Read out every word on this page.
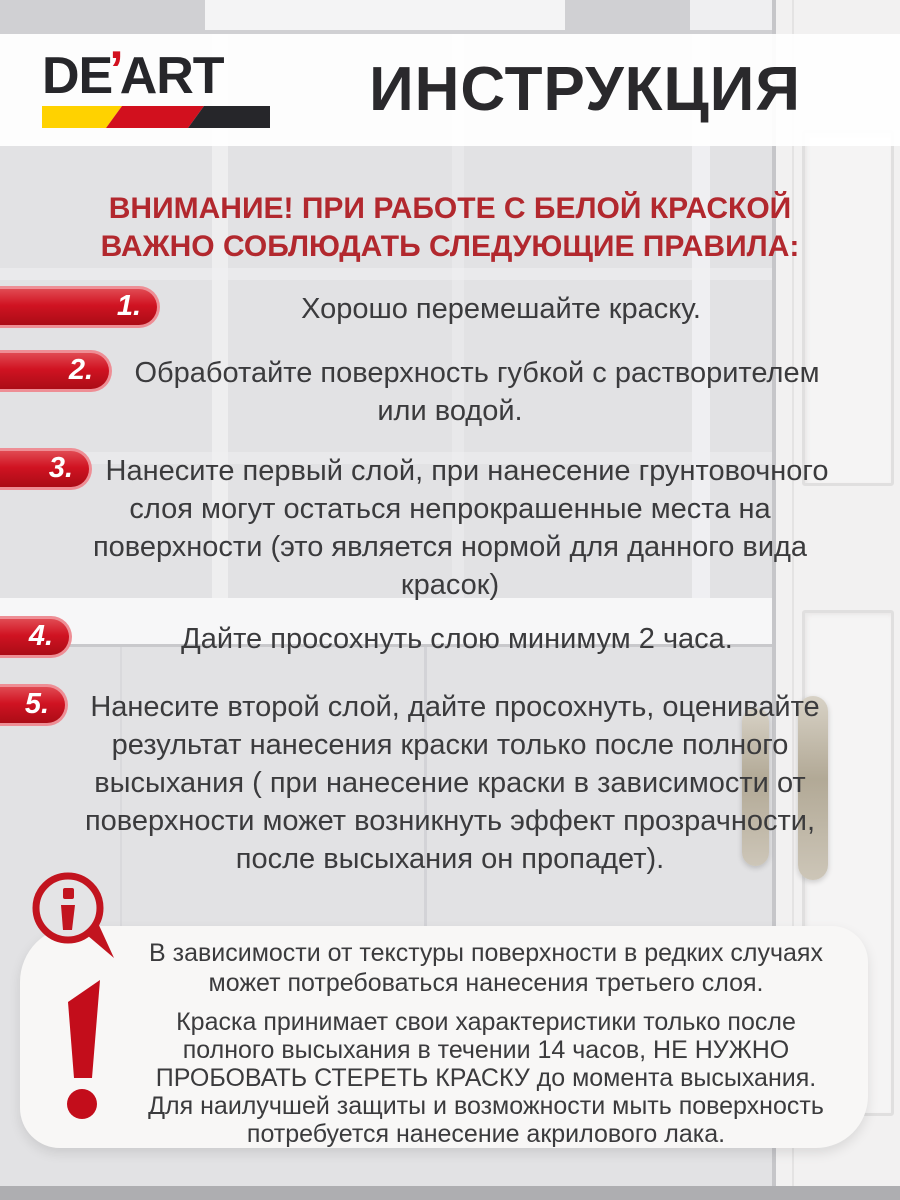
DE’ART	ИНСТРУКЦИЯ
ВНИМАНИЕ! ПРИ РАБОТЕ С БЕЛОЙ КРАСКОЙ
ВАЖНО СОБЛЮДАТЬ СЛЕДУЮЩИЕ ПРАВИЛА:
1.	Хорошо перемешайте краску.
2.	Обработайте поверхность губкой с растворителем или водой.
3.	Нанесите первый слой, при нанесение грунтовочного слоя могут остаться непрокрашенные места на поверхности (это является нормой для данного вида красок)
4.	Дайте просохнуть слою минимум 2 часа.
5.	Нанесите второй слой, дайте просохнуть, оценивайте результат нанесения краски только после полного высыхания ( при нанесение краски в зависимости от поверхности может возникнуть эффект прозрачности, после высыхания он пропадет).

В зависимости от текстуры поверхности в редких случаях может потребоваться нанесения третьего слоя.

Краска принимает свои характеристики только после полного высыхания в течении 14 часов, НЕ НУЖНО ПРОБОВАТЬ СТЕРЕТЬ КРАСКУ до момента высыхания. Для наилучшей защиты и возможности мыть поверхность потребуется нанесение акрилового лака.
